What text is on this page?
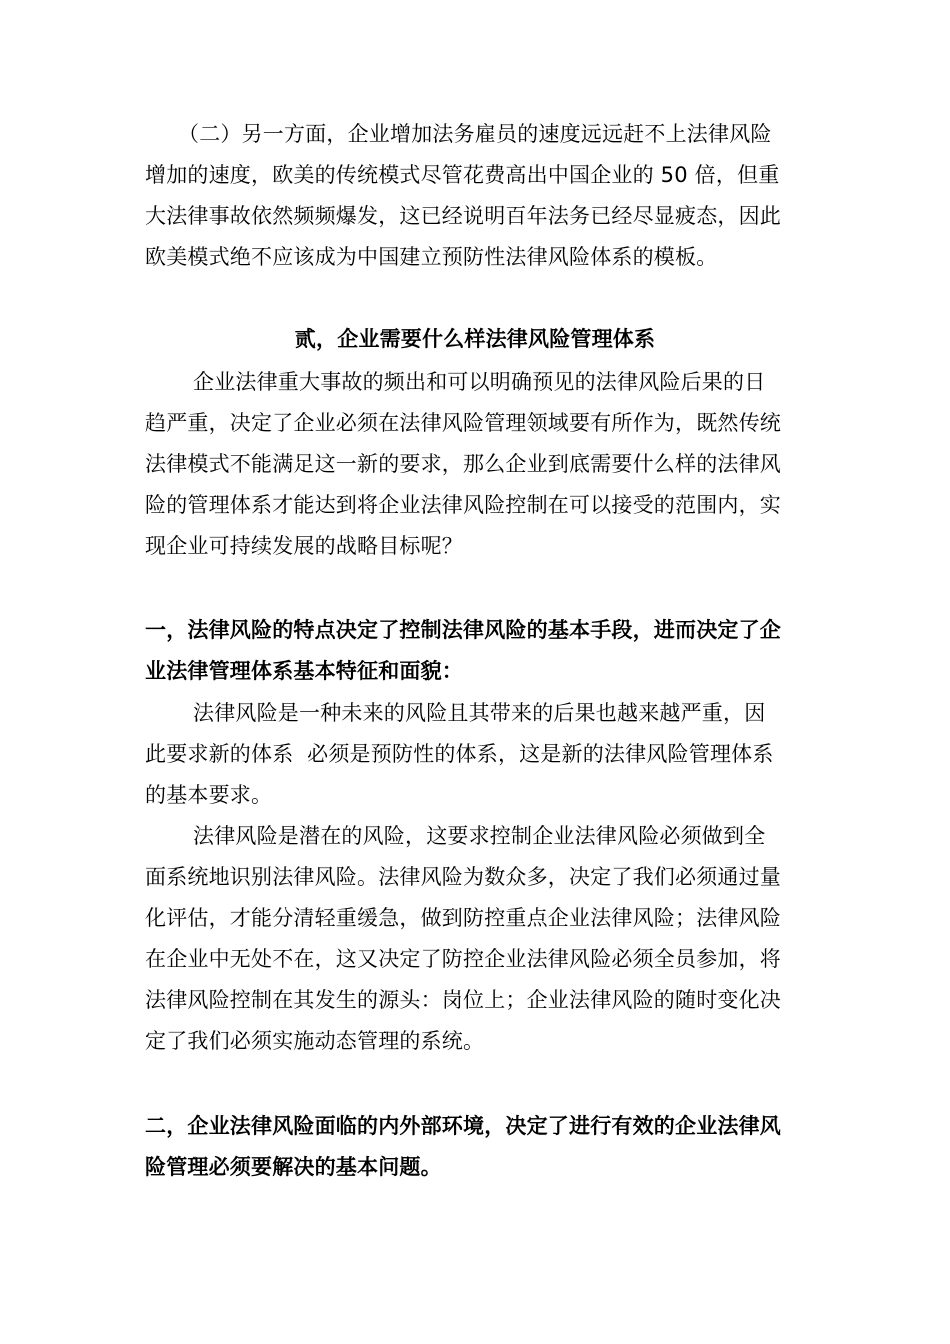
（二）另一方面，企业增加法务雇员的速度远远赶不上法律风险
增加的速度，欧美的传统模式尽管花费高出中国企业的 50 倍，但重
大法律事故依然频频爆发，这已经说明百年法务已经尽显疲态，因此
欧美模式绝不应该成为中国建立预防性法律风险体系的模板。
贰，企业需要什么样法律风险管理体系
企业法律重大事故的频出和可以明确预见的法律风险后果的日
趋严重，决定了企业必须在法律风险管理领域要有所作为，既然传统
法律模式不能满足这一新的要求，那么企业到底需要什么样的法律风
险的管理体系才能达到将企业法律风险控制在可以接受的范围内，实
现企业可持续发展的战略目标呢？
一，法律风险的特点决定了控制法律风险的基本手段，进而决定了企
业法律管理体系基本特征和面貌：
法律风险是一种未来的风险且其带来的后果也越来越严重，因
此要求新的体系  必须是预防性的体系，这是新的法律风险管理体系
的基本要求。
法律风险是潜在的风险，这要求控制企业法律风险必须做到全
面系统地识别法律风险。法律风险为数众多，决定了我们必须通过量
化评估，才能分清轻重缓急，做到防控重点企业法律风险；法律风险
在企业中无处不在，这又决定了防控企业法律风险必须全员参加，将
法律风险控制在其发生的源头：岗位上；企业法律风险的随时变化决
定了我们必须实施动态管理的系统。
二，企业法律风险面临的内外部环境，决定了进行有效的企业法律风
险管理必须要解决的基本问题。
